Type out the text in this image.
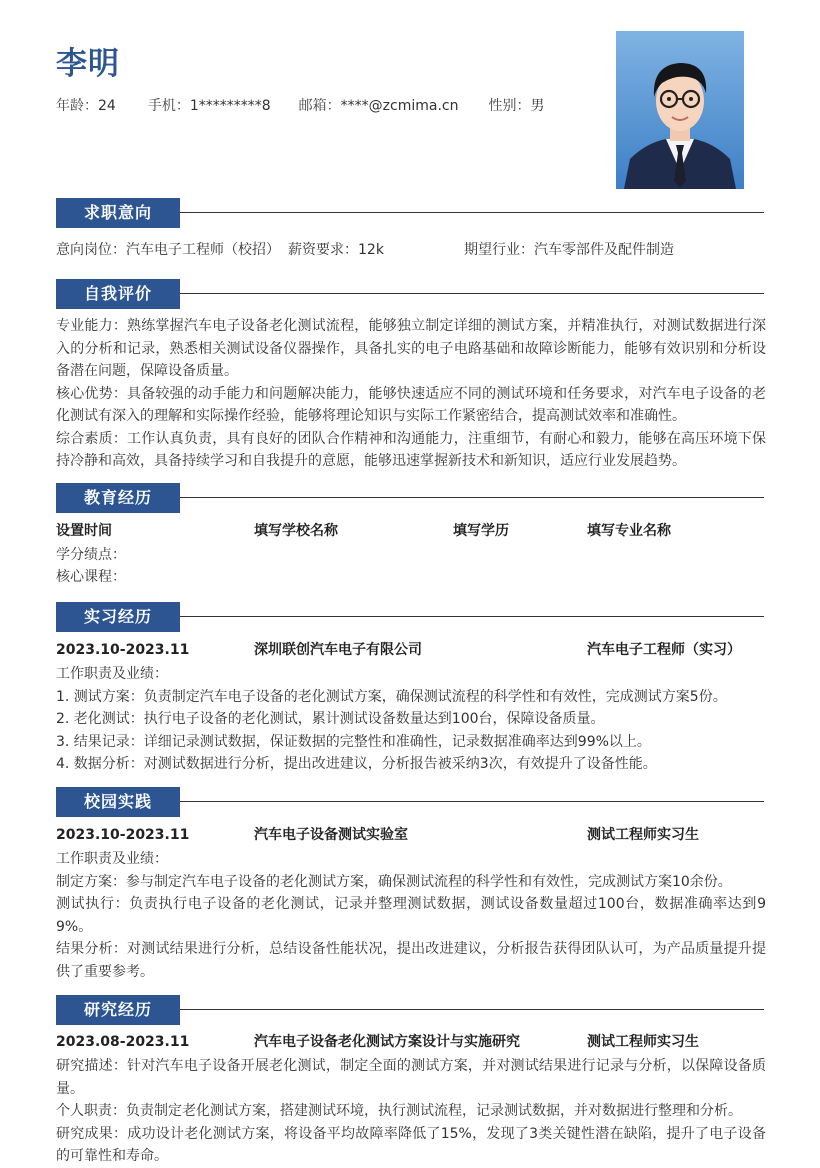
李明
年龄：24 手机：1*********8 邮箱：****@zcmima.cn 性别：男
求职意向
意向岗位：汽车电子工程师（校招） 薪资要求：12k	期望行业：汽车零部件及配件制造
自我评价
专业能力：熟练掌握汽车电子设备老化测试流程，能够独立制定详细的测试方案，并精准执行，对测试数据进行深入的分析和记录，熟悉相关测试设备仪器操作，具备扎实的电子电路基础和故障诊断能力，能够有效识别和分析设备潜在问题，保障设备质量。
核心优势：具备较强的动手能力和问题解决能力，能够快速适应不同的测试环境和任务要求，对汽车电子设备的老化测试有深入的理解和实际操作经验，能够将理论知识与实际工作紧密结合，提高测试效率和准确性。
综合素质：工作认真负责，具有良好的团队合作精神和沟通能力，注重细节，有耐心和毅力，能够在高压环境下保持冷静和高效，具备持续学习和自我提升的意愿，能够迅速掌握新技术和新知识，适应行业发展趋势。
教育经历
设置时间	填写学校名称	填写学历	填写专业名称
学分绩点：
核心课程：
实习经历
2023.10-2023.11	深圳联创汽车电子有限公司	汽车电子工程师（实习）
工作职责及业绩：
1. 测试方案：负责制定汽车电子设备的老化测试方案，确保测试流程的科学性和有效性，完成测试方案5份。
2. 老化测试：执行电子设备的老化测试，累计测试设备数量达到100台，保障设备质量。
3. 结果记录：详细记录测试数据，保证数据的完整性和准确性，记录数据准确率达到99%以上。
4. 数据分析：对测试数据进行分析，提出改进建议，分析报告被采纳3次，有效提升了设备性能。
校园实践
2023.10-2023.11	汽车电子设备测试实验室	测试工程师实习生
工作职责及业绩：
制定方案：参与制定汽车电子设备的老化测试方案，确保测试流程的科学性和有效性，完成测试方案10余份。
测试执行：负责执行电子设备的老化测试，记录并整理测试数据，测试设备数量超过100台，数据准确率达到99%。
结果分析：对测试结果进行分析，总结设备性能状况，提出改进建议，分析报告获得团队认可，为产品质量提升提供了重要参考。
研究经历
2023.08-2023.11	汽车电子设备老化测试方案设计与实施研究	测试工程师实习生
研究描述：针对汽车电子设备开展老化测试，制定全面的测试方案，并对测试结果进行记录与分析，以保障设备质量。
个人职责：负责制定老化测试方案，搭建测试环境，执行测试流程，记录测试数据，并对数据进行整理和分析。
研究成果：成功设计老化测试方案，将设备平均故障率降低了15%，发现了3类关键性潜在缺陷，提升了电子设备的可靠性和寿命。
